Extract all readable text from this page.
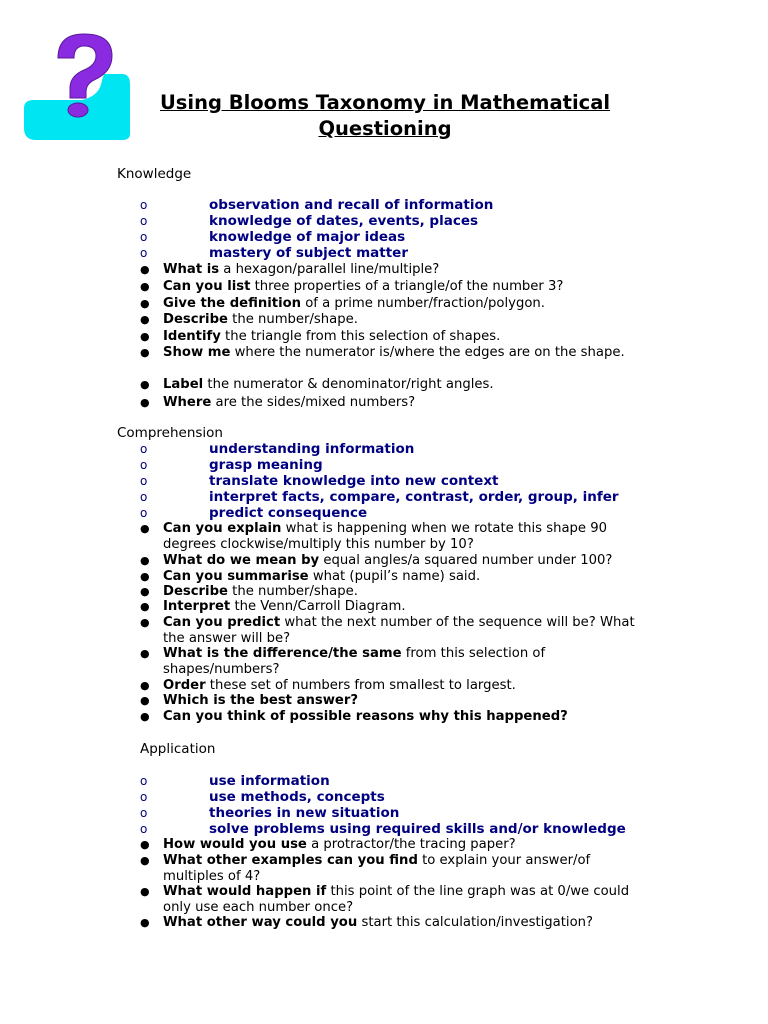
Using Blooms Taxonomy in Mathematical
Questioning
Knowledge
o	observation and recall of information
o	knowledge of dates, events, places
o	knowledge of major ideas
o	mastery of subject matter
● What is a hexagon/parallel line/multiple?
● Can you list three properties of a triangle/of the number 3?
● Give the definition of a prime number/fraction/polygon.
● Describe the number/shape.
● Identify the triangle from this selection of shapes.
● Show me where the numerator is/where the edges are on the shape.
● Label the numerator & denominator/right angles.
● Where are the sides/mixed numbers?
Comprehension
o	understanding information
o	grasp meaning
o	translate knowledge into new context
o	interpret facts, compare, contrast, order, group, infer
o	predict consequence
● Can you explain what is happening when we rotate this shape 90 degrees clockwise/multiply this number by 10?
● What do we mean by equal angles/a squared number under 100?
● Can you summarise what (pupil’s name) said.
● Describe the number/shape.
● Interpret the Venn/Carroll Diagram.
● Can you predict what the next number of the sequence will be? What the answer will be?
● What is the difference/the same from this selection of shapes/numbers?
● Order these set of numbers from smallest to largest.
● Which is the best answer?
● Can you think of possible reasons why this happened?
Application
o	use information
o	use methods, concepts
o	theories in new situation
o	solve problems using required skills and/or knowledge
● How would you use a protractor/the tracing paper?
● What other examples can you find to explain your answer/of multiples of 4?
● What would happen if this point of the line graph was at 0/we could only use each number once?
● What other way could you start this calculation/investigation?
